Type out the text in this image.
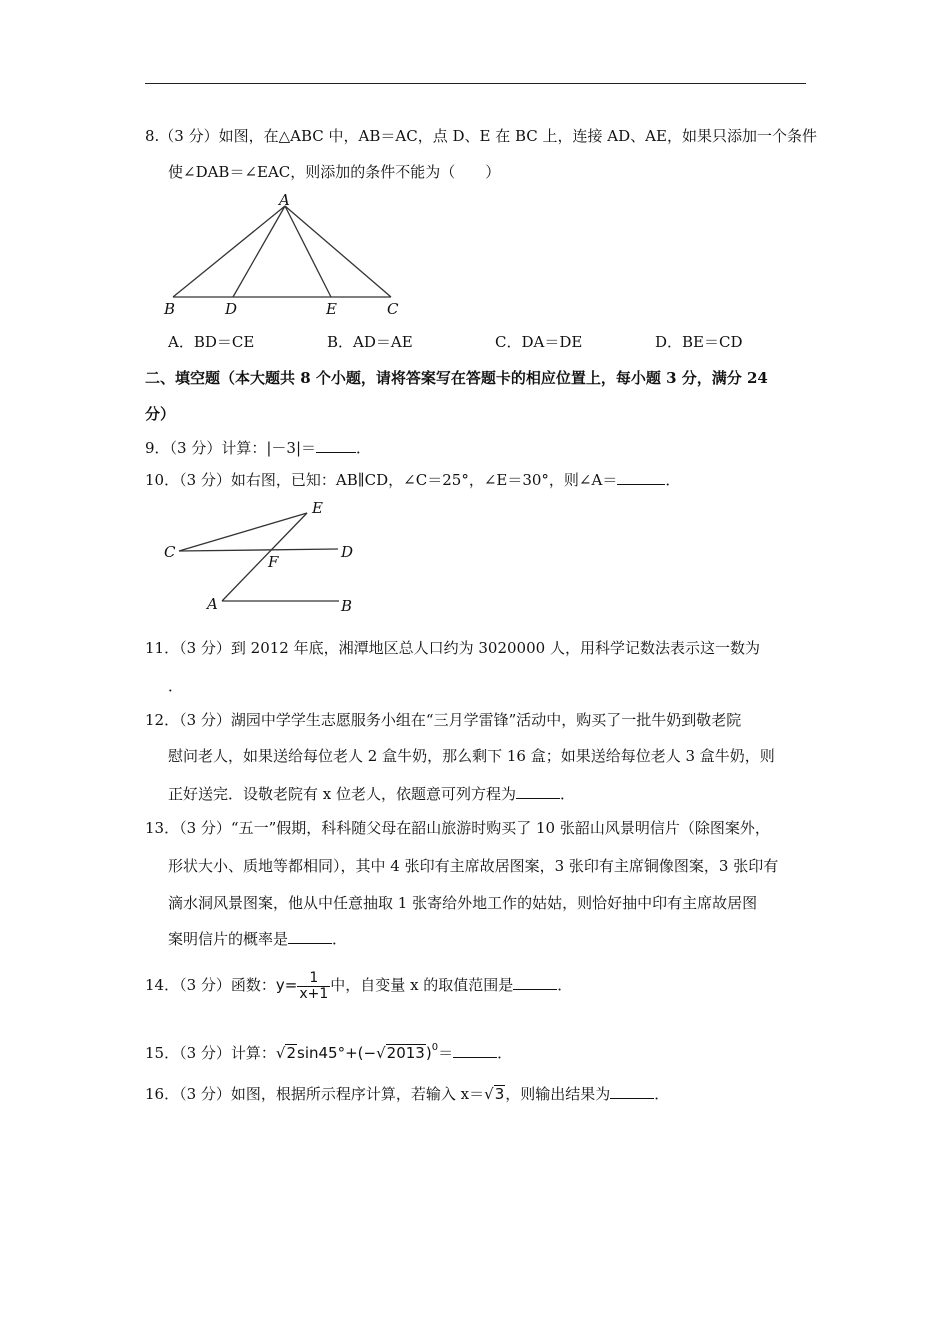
8.（3 分）如图，在△ABC 中，AB＝AC，点 D、E 在 BC 上，连接 AD、AE，如果只添加一个条件
使∠DAB＝∠EAC，则添加的条件不能为（　　）
A
B	D	E	C
A．BD＝CE	B．AD＝AE	C．DA＝DE	D．BE＝CD
二、填空题（本大题共 8 个小题，请将答案写在答题卡的相应位置上，每小题 3 分，满分 24
分）
9．（3 分）计算：|－3|＝	．
10．（3 分）如右图，已知：AB∥CD，∠C＝25°，∠E＝30°，则∠A＝	．
E
C	D
F
A	B
11．（3 分）到 2012 年底，湘潭地区总人口约为 3020000 人，用科学记数法表示这一数为
．
12．（3 分）湖园中学学生志愿服务小组在“三月学雷锋”活动中，购买了一批牛奶到敬老院
慰问老人，如果送给每位老人 2 盒牛奶，那么剩下 16 盒；如果送给每位老人 3 盒牛奶，则
正好送完．设敬老院有 x 位老人，依题意可列方程为	．
13．（3 分）“五一”假期，科科随父母在韶山旅游时购买了 10 张韶山风景明信片（除图案外，
形状大小、质地等都相同），其中 4 张印有主席故居图案，3 张印有主席铜像图案，3 张印有
滴水洞风景图案，他从中任意抽取 1 张寄给外地工作的姑姑，则恰好抽中印有主席故居图
案明信片的概率是	．
14．（3 分）函数：$y= \frac{1}{x+1}$ 中，自变量 x 的取值范围是	．
15．（3 分）计算：$√2\sin 45^\circ+(-√2013)^0=$	．
16．（3 分）如图，根据所示程序计算，若输入 x＝√3，则输出结果为	．
